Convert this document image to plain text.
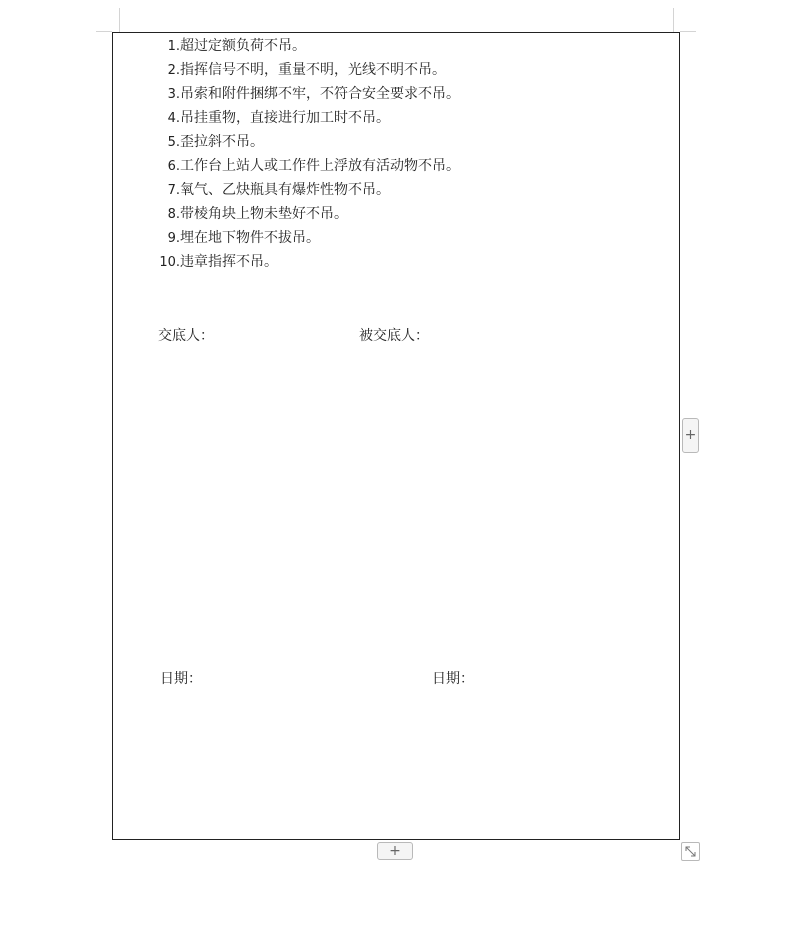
1.超过定额负荷不吊。
2.指挥信号不明，重量不明，光线不明不吊。
3.吊索和附件捆绑不牢，不符合安全要求不吊。
4.吊挂重物，直接进行加工时不吊。
5.歪拉斜不吊。
6.工作台上站人或工作件上浮放有活动物不吊。
7.氧气、乙炔瓶具有爆炸性物不吊。
8.带棱角块上物未垫好不吊。
9.埋在地下物件不拔吊。
10.违章指挥不吊。
交底人：	被交底人：
日期：	日期：
+
+
